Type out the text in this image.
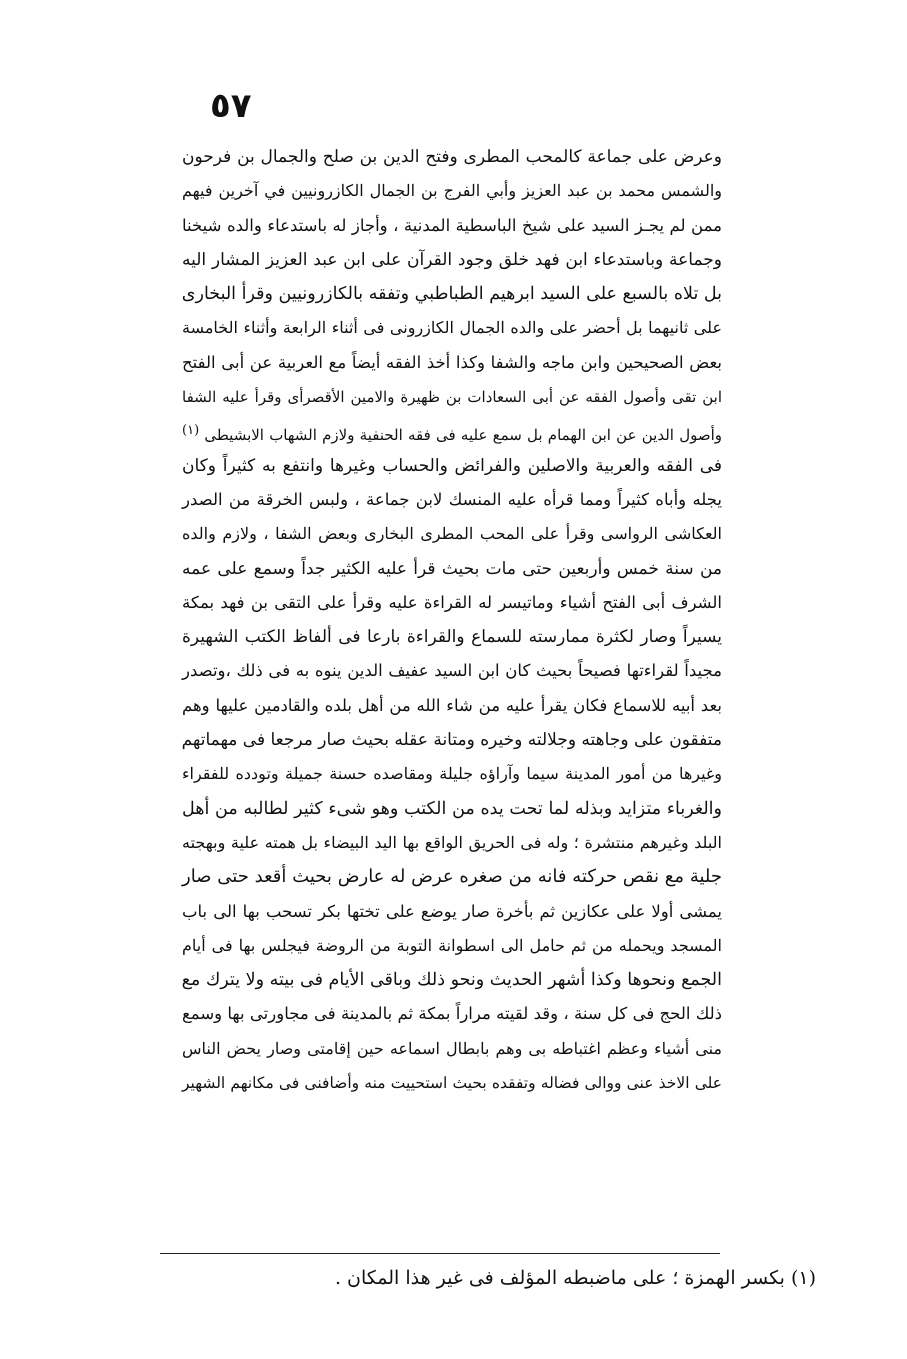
٥٧
وعرض على جماعة كالمحب المطرى وفتح الدين بن صلح والجمال بن فرحون
والشمس محمد بن عبد العزيز وأبي الفرج بن الجمال الكازرونيين في آخرين فيهم
ممن لم يجـز السيد على شيخ الباسطية المدنية ، وأجاز له باستدعاء والده شيخنا
وجماعة وباستدعاء ابن فهد خلق وجود القرآن على ابن عبد العزيز المشار اليه
بل تلاه بالسبع على السيد ابرهيم الطباطبي وتفقه بالكازرونيين وقرأ البخارى
على ثانيهما بل أحضر على والده الجمال الكازرونى فى أثناء الرابعة وأثناء الخامسة
بعض الصحيحين وابن ماجه والشفا وكذا أخذ الفقه أيضاً مع العربية عن أبى الفتح
ابن تقى وأصول الفقه عن أبى السعادات بن ظهيرة والامين الأقصرأى وقرأ عليه الشفا
وأصول الدين عن ابن الهمام بل سمع عليه فى فقه الحنفية ولازم الشهاب الابشيطى (١)
فى الفقه والعربية والاصلين والفرائض والحساب وغيرها وانتفع به كثيراً وكان
يجله وأباه كثيراً ومما قرأه عليه المنسك لابن جماعة ، ولبس الخرقة من الصدر
العكاشى الرواسى وقرأ على المحب المطرى البخارى وبعض الشفا ، ولازم والده
من سنة خمس وأربعين حتى مات بحيث قرأ عليه الكثير جداً وسمع على عمه
الشرف أبى الفتح أشياء وماتيسر له القراءة عليه وقرأ على التقى بن فهد بمكة
يسيراً وصار لكثرة ممارسته للسماع والقراءة بارعا فى ألفاظ الكتب الشهيرة
مجيداً لقراءتها فصيحاً بحيث كان ابن السيد عفيف الدين ينوه به فى ذلك ،وتصدر
بعد أبيه للاسماع فكان يقرأ عليه من شاء الله من أهل بلده والقادمين عليها وهم
متفقون على وجاهته وجلالته وخيره ومتانة عقله بحيث صار مرجعا فى مهماتهم
وغيرها من أمور المدينة سيما وآراؤه جليلة ومقاصده حسنة جميلة وتودده للفقراء
والغرباء متزايد وبذله لما تحت يده من الكتب وهو شىء كثير لطالبه من أهل
البلد وغيرهم منتشرة ؛ وله فى الحريق الواقع بها اليد البيضاء بل همته علية وبهجته
جلية مع نقص حركته فانه من صغره عرض له عارض بحيث أقعد حتى صار
يمشى أولا على عكازين ثم بأخرة صار يوضع على تختها بكر تسحب بها الى باب
المسجد ويحمله من ثم حامل الى اسطوانة التوبة من الروضة فيجلس بها فى أيام
الجمع ونحوها وكذا أشهر الحديث ونحو ذلك وباقى الأيام فى بيته ولا يترك مع
ذلك الحج فى كل سنة ، وقد لقيته مراراً بمكة ثم بالمدينة فى مجاورتى بها وسمع
منى أشياء وعظم اغتباطه بى وهم بابطال اسماعه حين إقامتى وصار يحض الناس
على الاخذ عنى ووالى فضاله وتفقده بحيث استحييت منه وأضافنى فى مكانهم الشهير
(١) بكسر الهمزة ؛ على ماضبطه المؤلف فى غير هذا المكان .
